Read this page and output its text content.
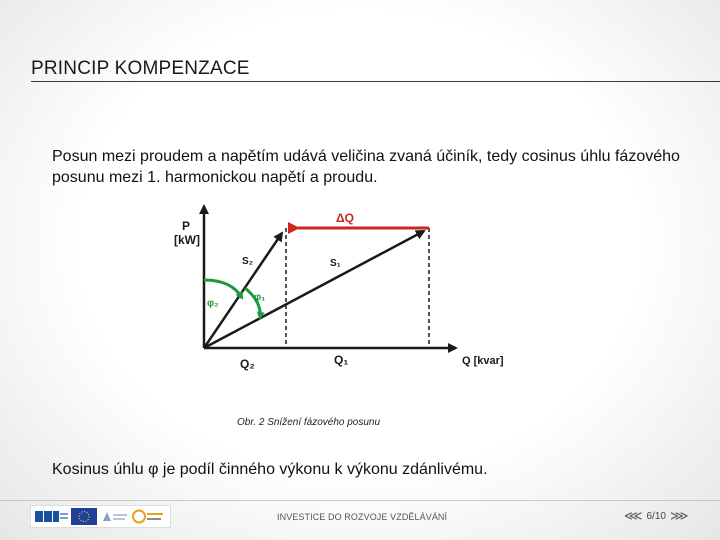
PRINCIP KOMPENZACE
Posun mezi proudem a napětím udává veličina zvaná účiník, tedy cosinus úhlu fázového posunu mezi 1. harmonickou napětí a proudu.
P
[kW]
ΔQ
S₂	S₁
φ₂
φ₁
Q₂	Q₁	Q [kvar]
Obr. 2 Snížení fázového posunu
Kosinus úhlu φ je podíl činného výkonu k výkonu zdánlivému.
INVESTICE DO ROZVOJE VZDĚLÁVÁNÍ	⋘ 6/10 ⋙
